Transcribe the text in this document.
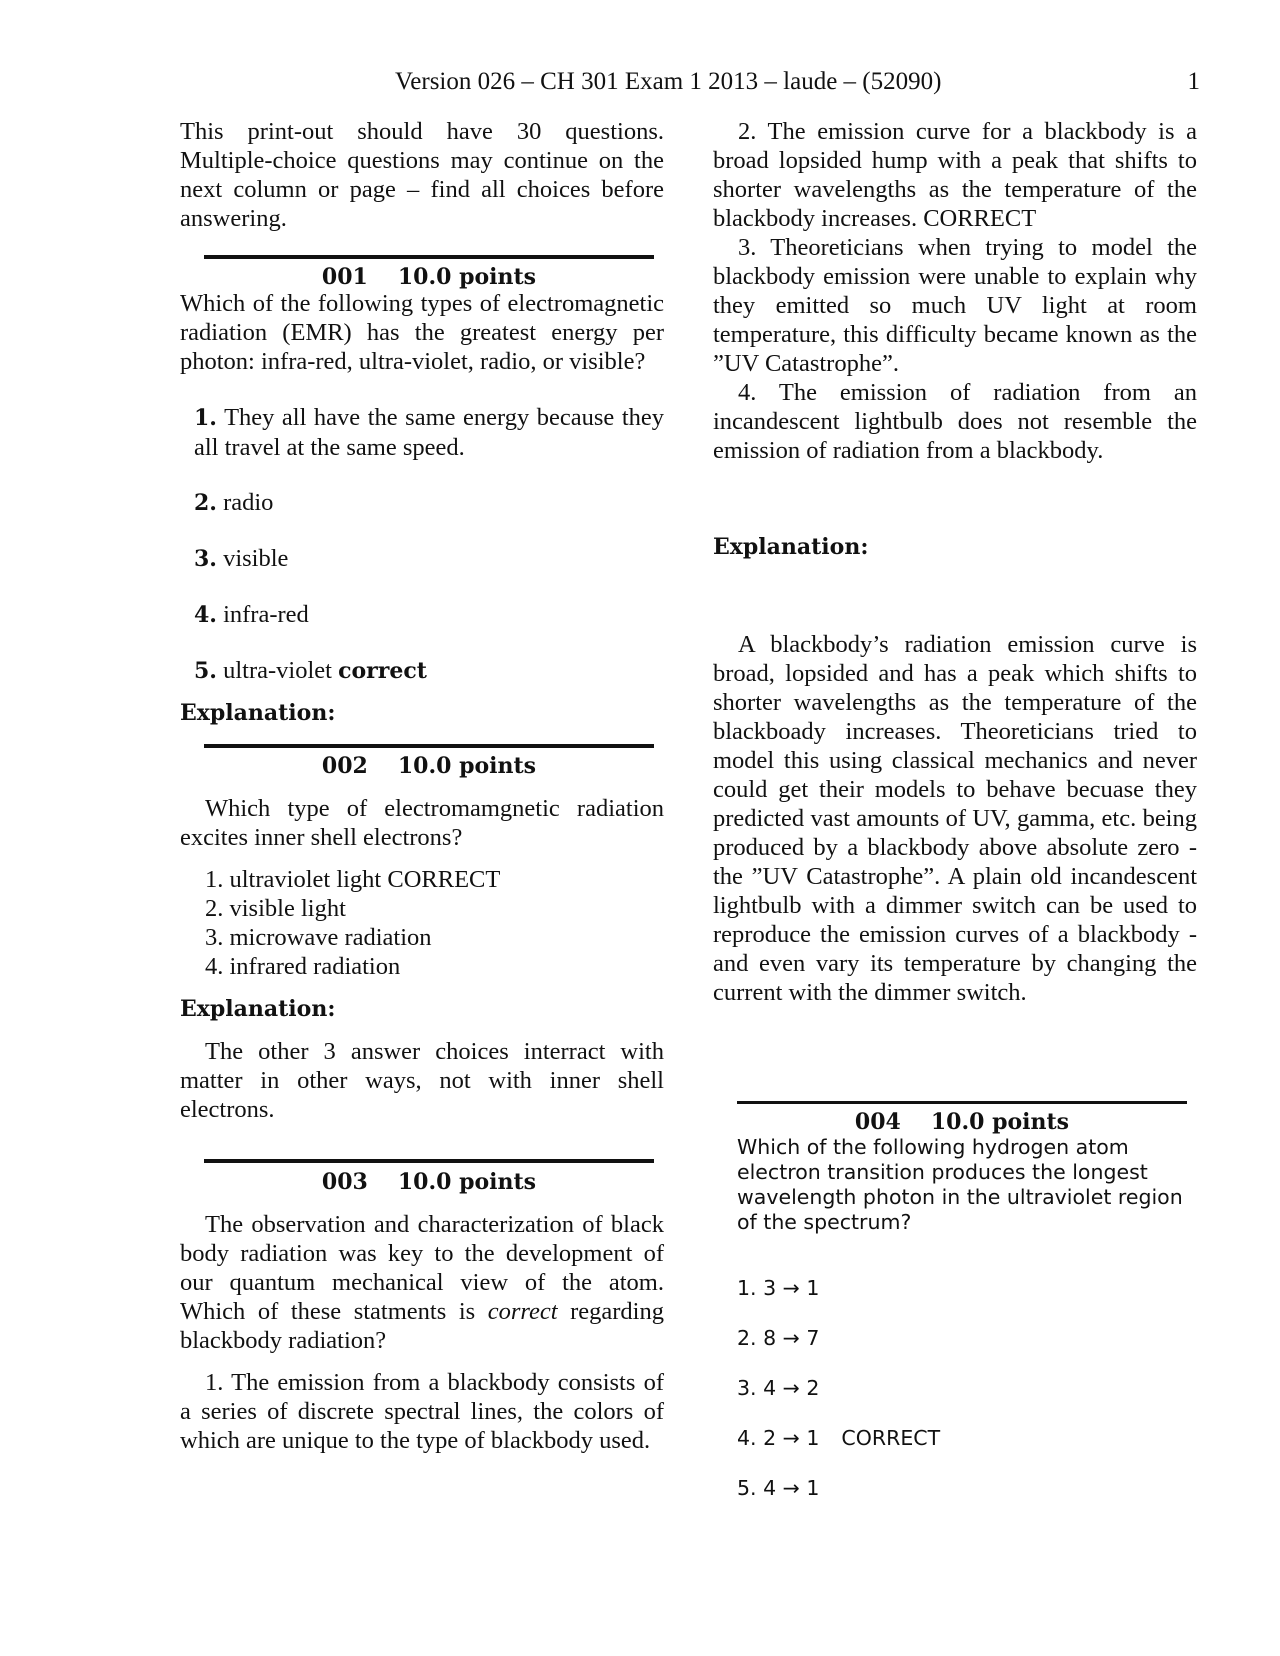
Version 026 – CH 301 Exam 1 2013 – laude – (52090)	1

This print-out should have 30 questions. Multiple-choice questions may continue on the next column or page – find all choices before answering.

001 10.0 points

Which of the following types of electromagnetic radiation (EMR) has the greatest energy per photon: infra-red, ultra-violet, radio, or visible?

1. They all have the same energy because they all travel at the same speed.

2. radio

3. visible

4. infra-red

5. ultra-violet correct

Explanation:

002 10.0 points

Which type of electromamgnetic radiation excites inner shell electrons?

1. ultraviolet light CORRECT

2. visible light

3. microwave radiation

4. infrared radiation

Explanation:

The other 3 answer choices interract with matter in other ways, not with inner shell electrons.

003 10.0 points

The observation and characterization of black body radiation was key to the development of our quantum mechanical view of the atom. Which of these statments is correct regarding blackbody radiation?

1. The emission from a blackbody consists of a series of discrete spectral lines, the colors of which are unique to the type of blackbody used.

2. The emission curve for a blackbody is a broad lopsided hump with a peak that shifts to shorter wavelengths as the temperature of the blackbody increases. CORRECT

3. Theoreticians when trying to model the blackbody emission were unable to explain why they emitted so much UV light at room temperature, this difficulty became known as the ”UV Catastrophe”.

4. The emission of radiation from an incandescent lightbulb does not resemble the emission of radiation from a blackbody.

Explanation:

A blackbody’s radiation emission curve is broad, lopsided and has a peak which shifts to shorter wavelengths as the temperature of the blackboady increases. Theoreticians tried to model this using classical mechanics and never could get their models to behave becuase they predicted vast amounts of UV, gamma, etc. being produced by a blackbody above absolute zero - the ”UV Catastrophe”. A plain old incandescent lightbulb with a dimmer switch can be used to reproduce the emission curves of a blackbody - and even vary its temperature by changing the current with the dimmer switch.

004 10.0 points

Which of the following hydrogen atom electron transition produces the longest wavelength photon in the ultraviolet region of the spectrum?

1. 3 → 1

2. 8 → 7

3. 4 → 2

4. 2 → 1 CORRECT

5. 4 → 1
